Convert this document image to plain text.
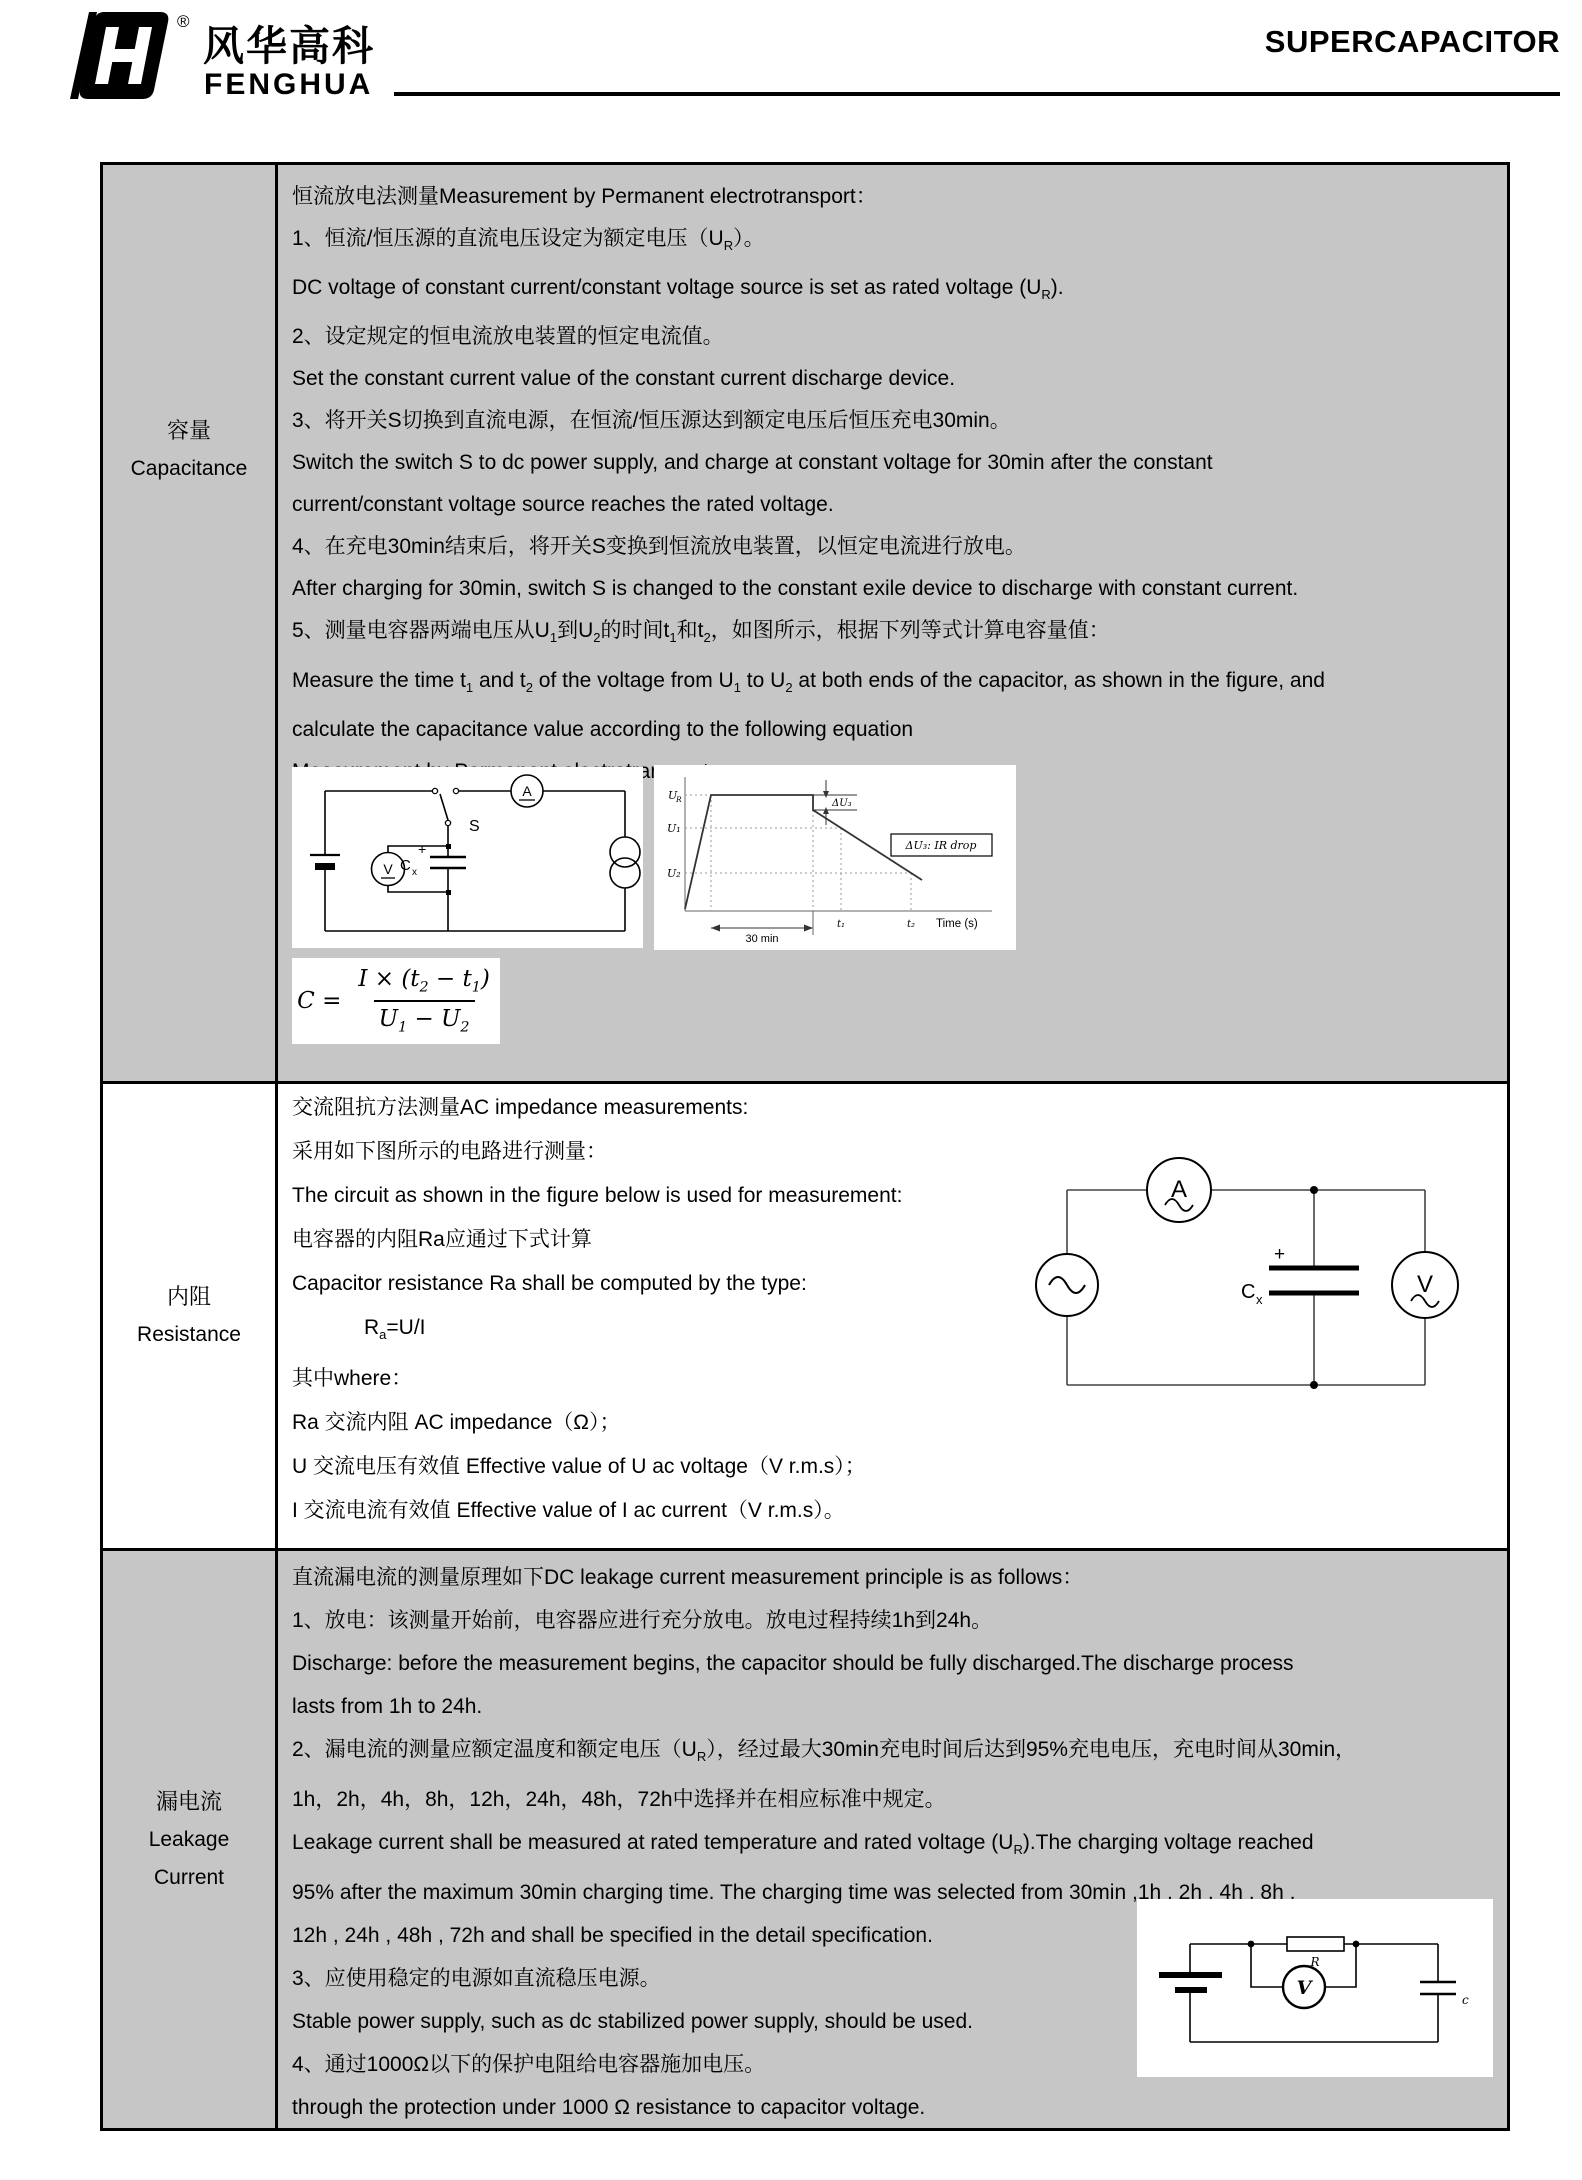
®
风华高科
FENGHUA
SUPERCAPACITOR
容量
Capacitance
恒流放电法测量Measurement by Permanent electrotransport：
1、恒流/恒压源的直流电压设定为额定电压$(U_R)$。
DC voltage of constant current/constant voltage source is set as rated voltage $(U_R)$.
2、设定规定的恒电流放电装置的恒定电流值。
Set the constant current value of the constant current discharge device.
3、将开关S切换到直流电源，在恒流/恒压源达到额定电压后恒压充电30min。
Switch the switch S to dc power supply, and charge at constant voltage for 30min after the constant
current/constant voltage source reaches the rated voltage.
4、在充电30min结束后，将开关S变换到恒流放电装置，以恒定电流进行放电。
After charging for 30min, switch S is changed to the constant exile device to discharge with constant current.
5、测量电容器两端电压从$U_1$到$U_2$的时间$t_1$和$t_2$，如图所示，根据下列等式计算电容量值：
Measure the time $t_1$ and $t_2$ of the voltage from $U_1$ to $U_2$ at both ends of the capacitor, as shown in the figure, and
calculate the capacitance value according to the following equation
Measurement by Permanent electrotransport:
S
A
V
+
C x
U
R
U₁
U₂
ΔU₃
ΔU₃: IR drop
t₁	t₂ Time (s)
30 min
$C = \frac{I \times (t_2 - t_1)}{U_1 - U_2}$
内阻
Resistance
交流阻抗方法测量AC impedance measurements:
采用如下图所示的电路进行测量：
The circuit as shown in the figure below is used for measurement:
电容器的内阻Ra应通过下式计算
Capacitor resistance Ra shall be computed by the type:
$R_a=U/I$
其中where：
Ra 交流内阻 AC impedance（Ω）；
U 交流电压有效值 Effective value of U ac voltage（V r.m.s）；
I 交流电流有效值 Effective value of I ac current（V r.m.s）。
A
V
+
C x
漏电流
Leakage
Current
直流漏电流的测量原理如下DC leakage current measurement principle is as follows：
1、放电：该测量开始前，电容器应进行充分放电。放电过程持续1h到24h。
Discharge: before the measurement begins, the capacitor should be fully discharged.The discharge process
lasts from 1h to 24h.
2、漏电流的测量应额定温度和额定电压$(U_R)$，经过最大30min充电时间后达到95%充电电压，充电时间从30min，
1h，2h，4h，8h，12h，24h，48h，72h中选择并在相应标准中规定。
Leakage current shall be measured at rated temperature and rated voltage $(U_R).The$ charging voltage reached
95% after the maximum 30min charging time. The charging time was selected from 30min ,1h , 2h , 4h , 8h ,
12h , 24h , 48h , 72h and shall be specified in the detail specification.
3、应使用稳定的电源如直流稳压电源。
Stable power supply, such as dc stabilized power supply, should be used.
4、通过1000Ω以下的保护电阻给电容器施加电压。
through the protection under 1000 Ω resistance to capacitor voltage.
R
V
c
